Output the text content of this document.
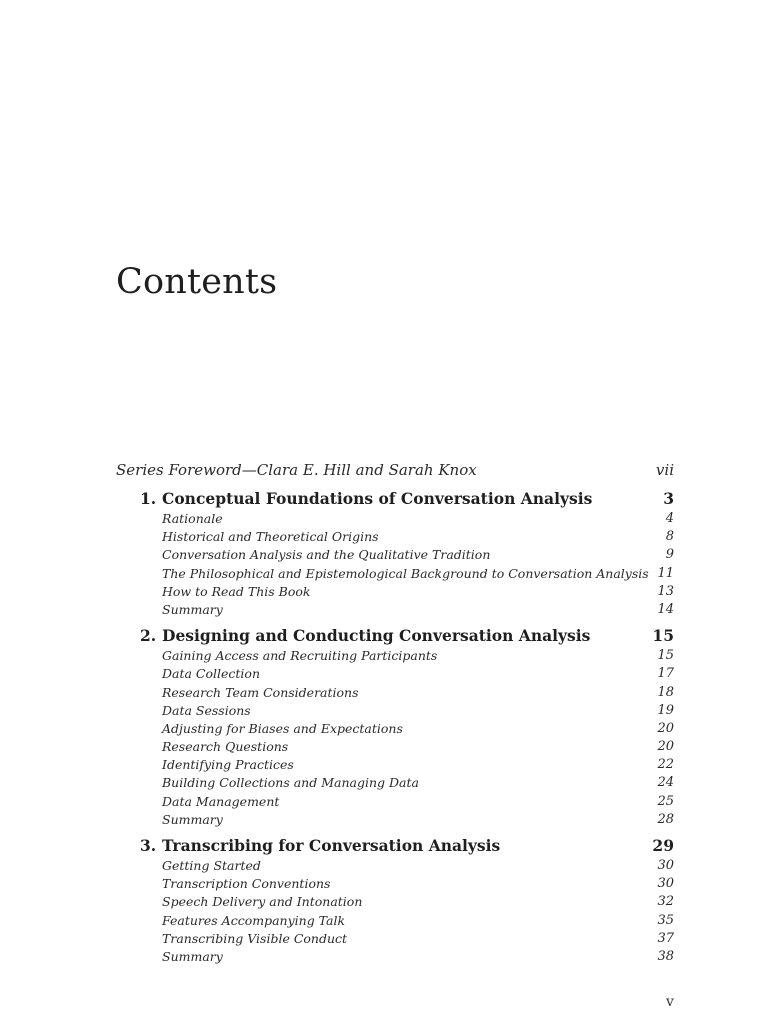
Contents
Series Foreword—Clara E. Hill and Sarah Knox	vii
1. Conceptual Foundations of Conversation Analysis	3
Rationale	4
Historical and Theoretical Origins	8
Conversation Analysis and the Qualitative Tradition	9
The Philosophical and Epistemological Background to Conversation Analysis 11
How to Read This Book	13
Summary	14
2. Designing and Conducting Conversation Analysis	15
Gaining Access and Recruiting Participants	15
Data Collection	17
Research Team Considerations	18
Data Sessions	19
Adjusting for Biases and Expectations	20
Research Questions	20
Identifying Practices	22
Building Collections and Managing Data	24
Data Management	25
Summary	28
3. Transcribing for Conversation Analysis	29
Getting Started	30
Transcription Conventions	30
Speech Delivery and Intonation	32
Features Accompanying Talk	35
Transcribing Visible Conduct	37
Summary	38
v
